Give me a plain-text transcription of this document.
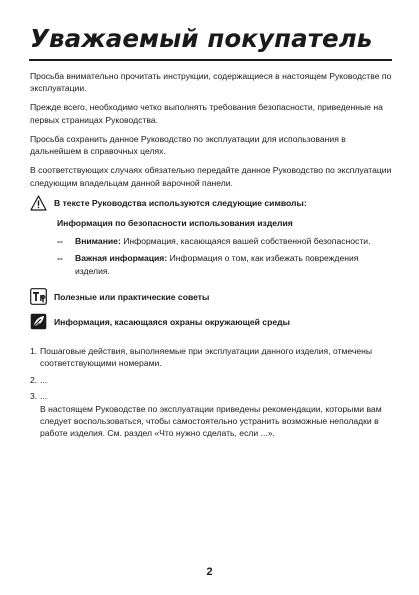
Уважаемый покупатель

Просьба внимательно прочитать инструкции, содержащиеся в настоящем Руководстве по эксплуатации.

Прежде всего, необходимо четко выполнять требования безопасности, приведенные на первых страницах Руководства.

Просьба сохранить данное Руководство по эксплуатации для использования в дальнейшем в справочных целях.

В соответствующих случаях обязательно передайте данное Руководство по эксплуатации следующим владельцам данной варочной панели.

В тексте Руководства используются следующие символы:
Информация по безопасности использования изделия
-- Внимание: Информация, касающаяся вашей собственной безопасности.
-- Важная информация: Информация о том, как избежать повреждения изделия.
Полезные или практические советы
Информация, касающаяся охраны окружающей среды
1. Пошаговые действия, выполняемые при эксплуатации данного изделия, отмечены соответствующими номерами.
2. ...
3. ...
В настоящем Руководстве по эксплуатации приведены рекомендации, которыми вам следует воспользоваться, чтобы самостоятельно устранить возможные неполадки в работе изделия. См. раздел «Что нужно сделать, если ...».
2
